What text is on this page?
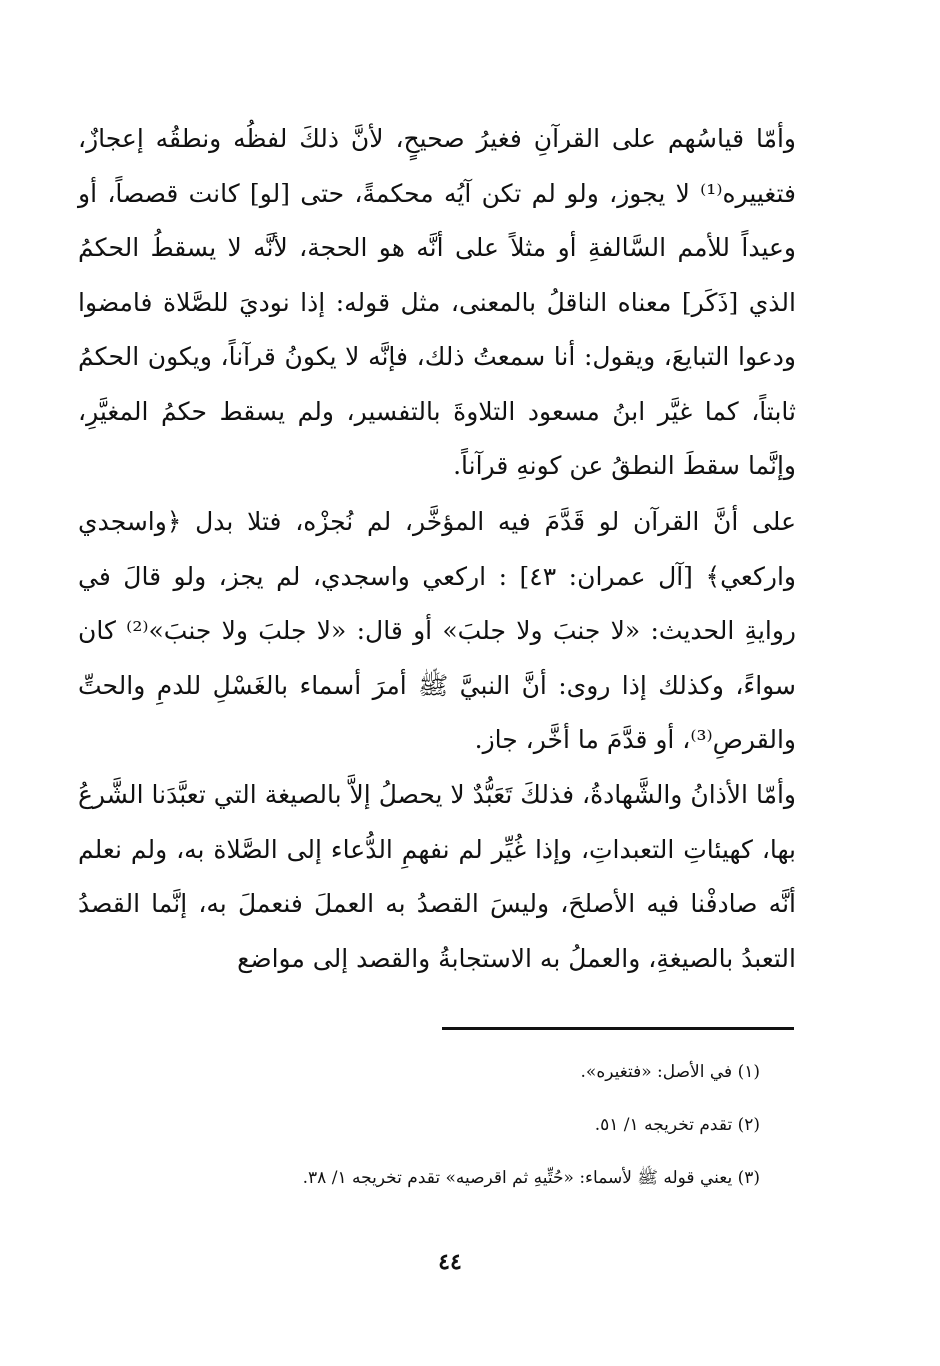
وأمّا قياسُهم على القرآنِ فغيرُ صحيحٍ، لأنَّ ذلكَ لفظُه ونطقُه إعجازٌ، فتغييره⁽¹⁾ لا يجوز، ولو لم تكن آيُه محكمةً، حتى [لو] كانت قصصاً، أو وعيداً للأمم السَّالفةِ أو مثلاً على أنَّه هو الحجة، لأنَّه لا يسقطُ الحكمُ الذي [ذَكَر] معناه الناقلُ بالمعنى، مثل قوله: إذا نوديَ للصَّلاة فامضوا ودعوا التبايعَ، ويقول: أنا سمعتُ ذلك، فإنَّه لا يكونُ قرآناً، ويكون الحكمُ ثابتاً، كما غيَّر ابنُ مسعود التلاوةَ بالتفسير، ولم يسقط حكمُ المغيَّرِ، وإنَّما سقطَ النطقُ عن كونهِ قرآناً.

على أنَّ القرآن لو قَدَّمَ فيه المؤخَّر، لم نُجزْه، فتلا بدل ﴿واسجدي واركعي﴾ [آل عمران: ٤٣] : اركعي واسجدي، لم يجز، ولو قالَ في روايةِ الحديث: «لا جنبَ ولا جلبَ» أو قال: «لا جلبَ ولا جنبَ»⁽²⁾ كان سواءً، وكذلك إذا روى: أنَّ النبيَّ ﷺ أمرَ أسماء بالغَسْلِ للدمِ والحتِّ والقرصِ⁽³⁾، أو قدَّمَ ما أخَّر، جاز.

وأمّا الأذانُ والشَّهادةُ، فذلكَ تَعَبُّدٌ لا يحصلُ إلاَّ بالصيغة التي تعبَّدَنا الشَّرعُ بها، كهيئاتِ التعبداتِ، وإذا غُيِّر لم نفهمِ الدُّعاء إلى الصَّلاة به، ولم نعلم أنَّه صادفْنا فيه الأصلحَ، وليسَ القصدُ به العملَ فنعملَ به، إنَّما القصدُ التعبدُ بالصيغةِ، والعملُ به الاستجابةُ والقصد إلى مواضع

(١) في الأصل: «فتغيره».
(٢) تقدم تخريجه ١/ ٥١.
(٣) يعني قوله ﷺ لأسماء: «حُتِّيهِ ثم اقرصيه» تقدم تخريجه ١/ ٣٨.
٤٤
